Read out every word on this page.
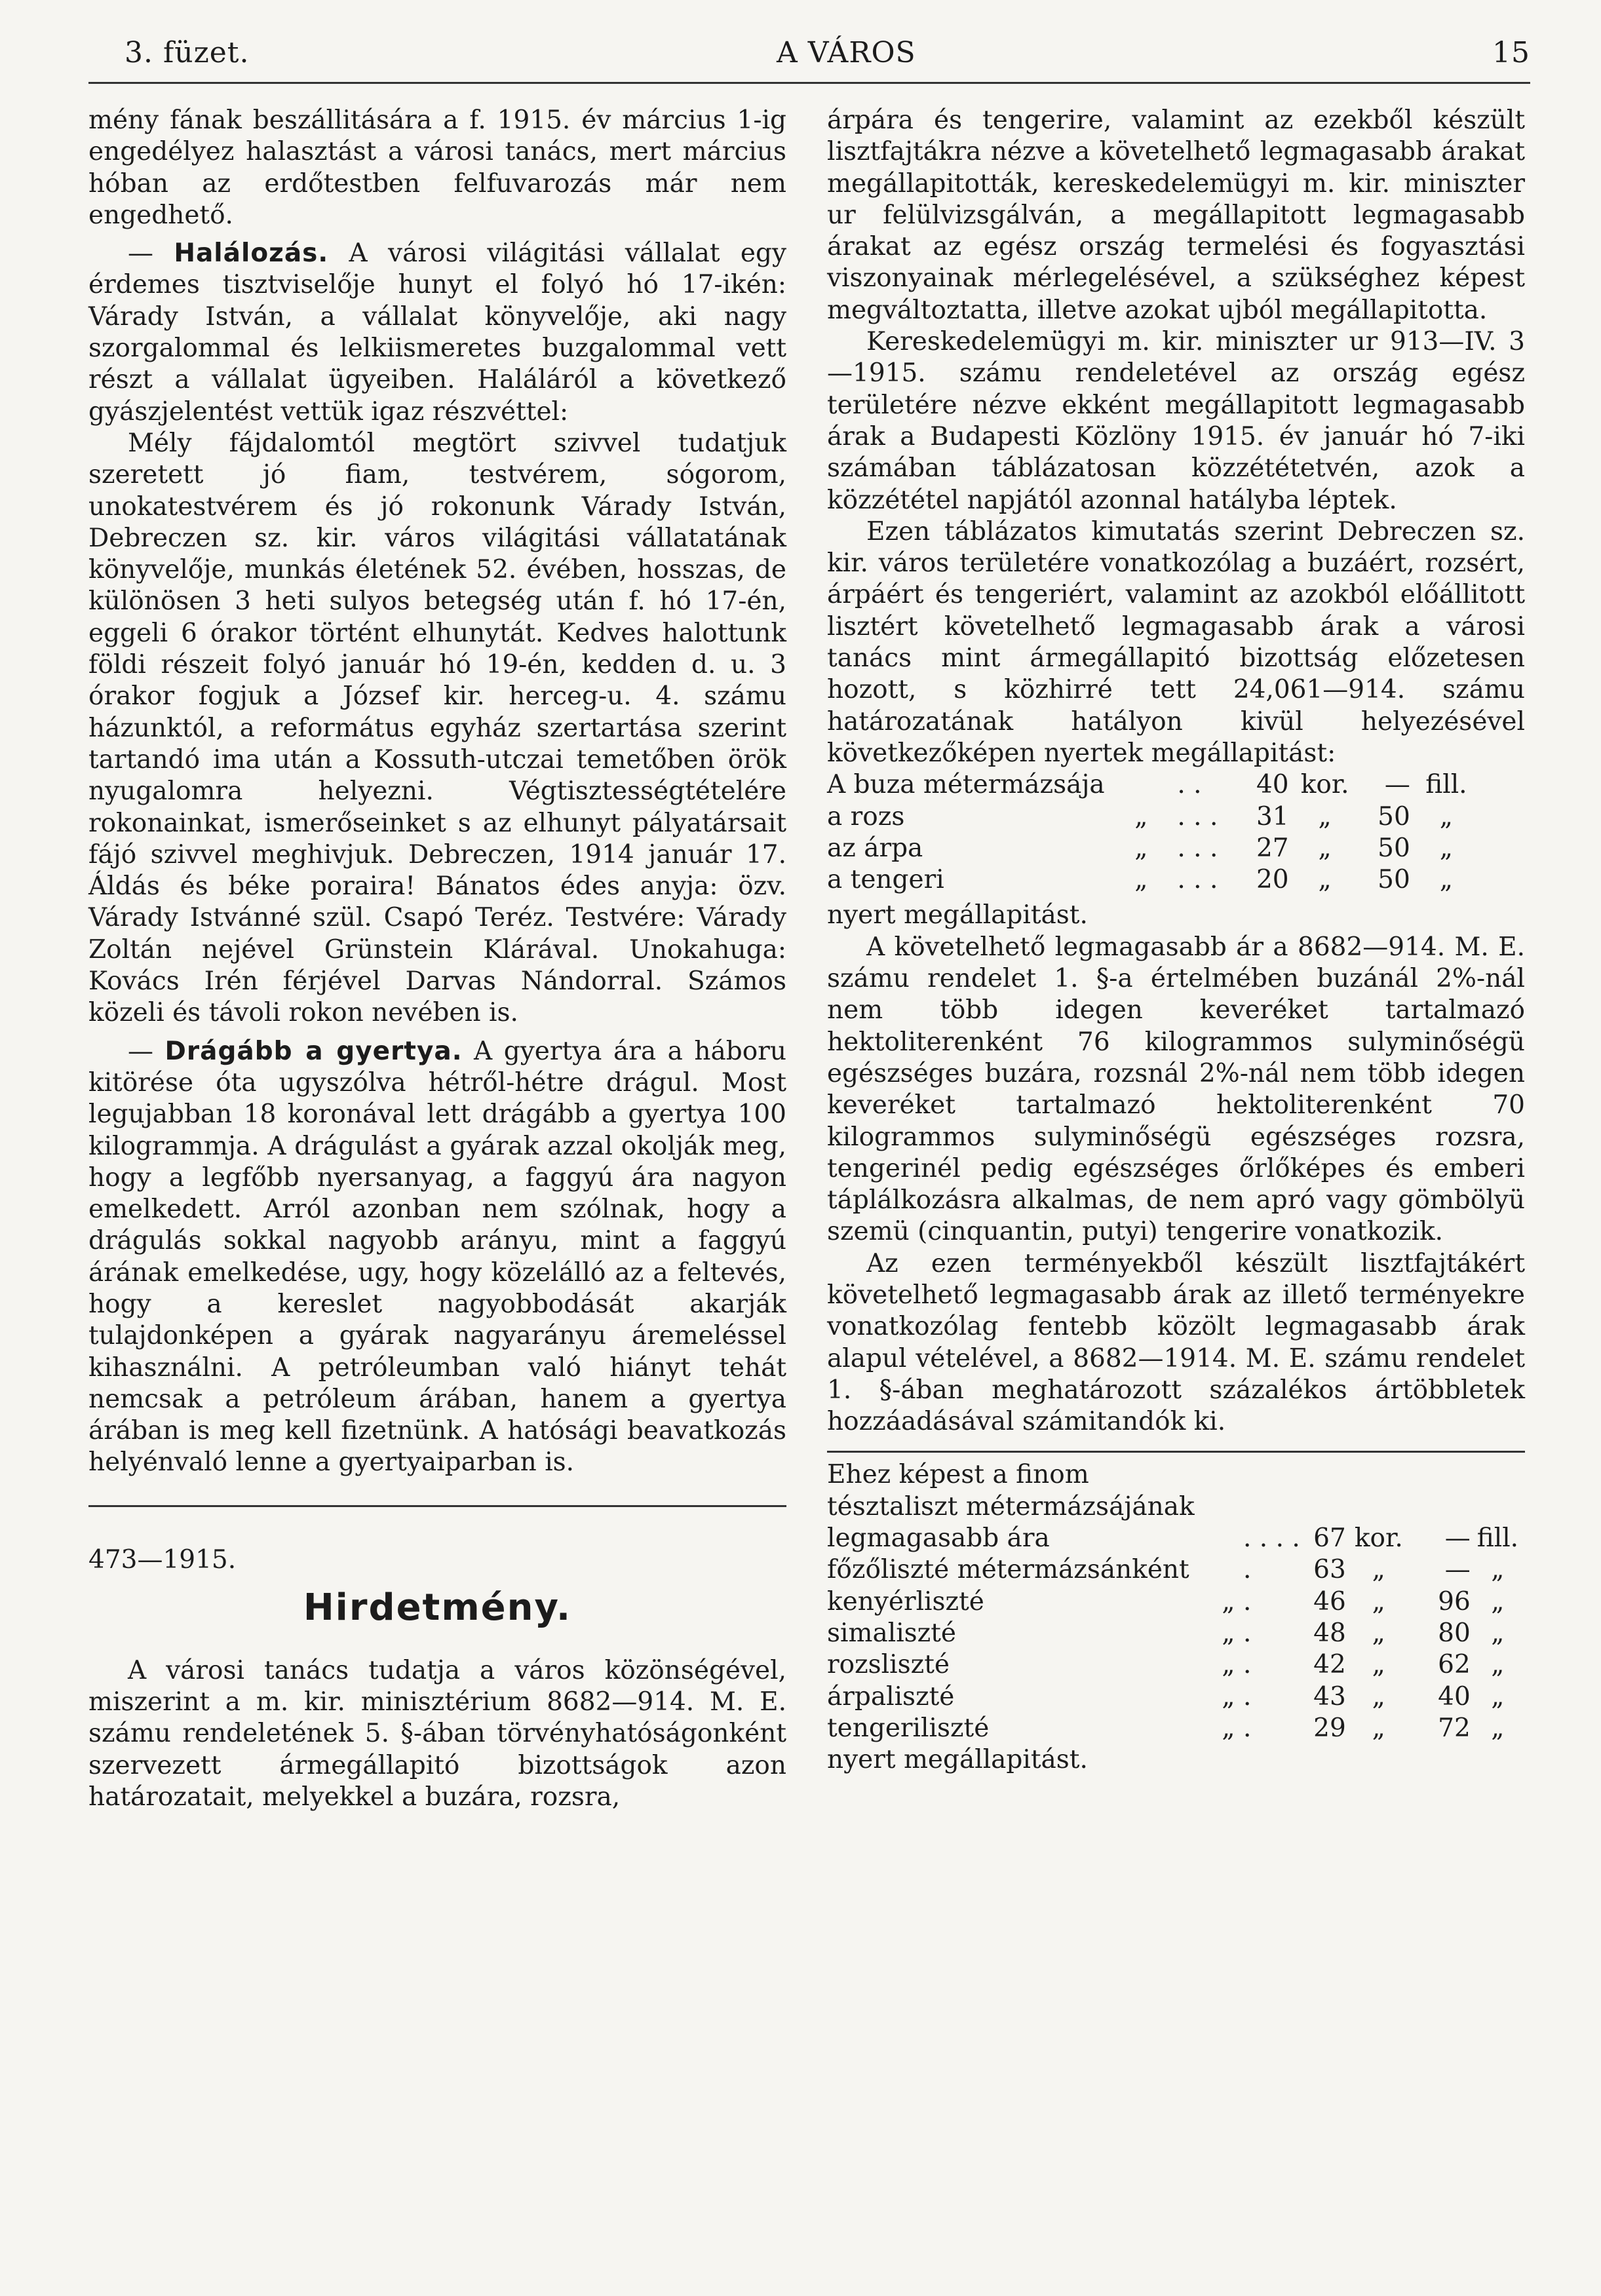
3. füzet.	A VÁROS	15

mény fának beszállitására a f. 1915. év március 1-ig engedélyez halasztást a városi tanács, mert március hóban az erdőtestben felfuvarozás már nem engedhető.

— Halálozás. A városi világitási vállalat egy érdemes tisztviselője hunyt el folyó hó 17-ikén: Várady István, a vállalat könyvelője, aki nagy szorgalommal és lelkiismeretes buzgalommal vett részt a vállalat ügyeiben. Haláláról a következő gyászjelentést vettük igaz részvéttel:

Mély fájdalomtól megtört szivvel tudatjuk szeretett jó fiam, testvérem, sógorom, unokatestvérem és jó rokonunk Várady István, Debreczen sz. kir. város világitási vállatatának könyvelője, munkás életének 52. évében, hosszas, de különösen 3 heti sulyos betegség után f. hó 17-én, eggeli 6 órakor történt elhunytát. Kedves halottunk földi részeit folyó január hó 19-én, kedden d. u. 3 órakor fogjuk a József kir. herceg-u. 4. számu házunktól, a református egyház szertartása szerint tartandó ima után a Kossuth-utczai temetőben örök nyugalomra helyezni. Végtisztességtételére rokonainkat, ismerőseinket s az elhunyt pályatársait fájó szivvel meghivjuk. Debreczen, 1914 január 17. Áldás és béke poraira! Bánatos édes anyja: özv. Várady Istvánné szül. Csapó Teréz. Testvére: Várady Zoltán nejével Grünstein Klárával. Unokahuga: Kovács Irén férjével Darvas Nándorral. Számos közeli és távoli rokon nevében is.

— Drágább a gyertya. A gyertya ára a háboru kitörése óta ugyszólva hétről-hétre drágul. Most legujabban 18 koronával lett drágább a gyertya 100 kilogrammja. A drágulást a gyárak azzal okolják meg, hogy a legfőbb nyersanyag, a faggyú ára nagyon emelkedett. Arról azonban nem szólnak, hogy a drágulás sokkal nagyobb arányu, mint a faggyú árának emelkedése, ugy, hogy közelálló az a feltevés, hogy a kereslet nagyobbodását akarják tulajdonképen a gyárak nagyarányu áremeléssel kihasználni. A petróleumban való hiányt tehát nemcsak a petróleum árában, hanem a gyertya árában is meg kell fizetnünk. A hatósági beavatkozás helyénvaló lenne a gyertyaiparban is.

473—1915.
Hirdetmény.

A városi tanács tudatja a város közönségével, miszerint a m. kir. minisztérium 8682—914. M. E. számu rendeletének 5. §-ában törvényhatóságonként szervezett ármegállapitó bizottságok azon határozatait, melyekkel a buzára, rozsra,

árpára és tengerire, valamint az ezekből készült lisztfajtákra nézve a követelhető legmagasabb árakat megállapitották, kereskedelemügyi m. kir. miniszter ur felülvizsgálván, a megállapitott legmagasabb árakat az egész ország termelési és fogyasztási viszonyainak mérlegelésével, a szükséghez képest megváltoztatta, illetve azokat ujból megállapitotta.

Kereskedelemügyi m. kir. miniszter ur 913—IV. 3—1915. számu rendeletével az ország egész területére nézve ekként megállapitott legmagasabb árak a Budapesti Közlöny 1915. év január hó 7-iki számában táblázatosan közzététetvén, azok a közzététel napjától azonnal hatályba léptek.

Ezen táblázatos kimutatás szerint Debreczen sz. kir. város területére vonatkozólag a buzáért, rozsért, árpáért és tengeriért, valamint az azokból előállitott lisztért követelhető legmagasabb árak a városi tanács mint ármegállapitó bizottság előzetesen hozott, s közhirré tett 24,061—914. számu határozatának hatályon kivül helyezésével következőképen nyertek megállapitást:

A buza métermázsája		. .	40	kor.	—	fill.
a rozs	„	. . .	31	„	50	„
az árpa	„	. . .	27	„	50	„
a tengeri	„	. . .	20	„	50	„

nyert megállapitást.

A követelhető legmagasabb ár a 8682—914. M. E. számu rendelet 1. §-a értelmében buzánál 2%-nál nem több idegen keveréket tartalmazó hektoliterenként 76 kilogrammos sulyminőségü egészséges buzára, rozsnál 2%-nál nem több idegen keveréket tartalmazó hektoliterenként 70 kilogrammos sulyminőségü egészséges rozsra, tengerinél pedig egészséges őrlőképes és emberi táplálkozásra alkalmas, de nem apró vagy gömbölyü szemü (cinquantin, putyi) tengerire vonatkozik.

Az ezen terményekből készült lisztfajtákért követelhető legmagasabb árak az illető terményekre vonatkozólag fentebb közölt legmagasabb árak alapul vételével, a 8682—1914. M. E. számu rendelet 1. §-ában meghatározott százalékos ártöbbletek hozzáadásával számitandók ki.

Ehez képest a finom tésztaliszt métermázsájának legmagasabb ára		. . . .	67	kor.	—	fill.
főzőliszté métermázsánként		.	63	„	—	„
kenyérliszté	„	.	46	„	96	„
simaliszté	„	.	48	„	80	„
rozsliszté	„	.	42	„	62	„
árpaliszté	„	.	43	„	40	„
tengeriliszté	„	.	29	„	72	„

nyert megállapitást.
